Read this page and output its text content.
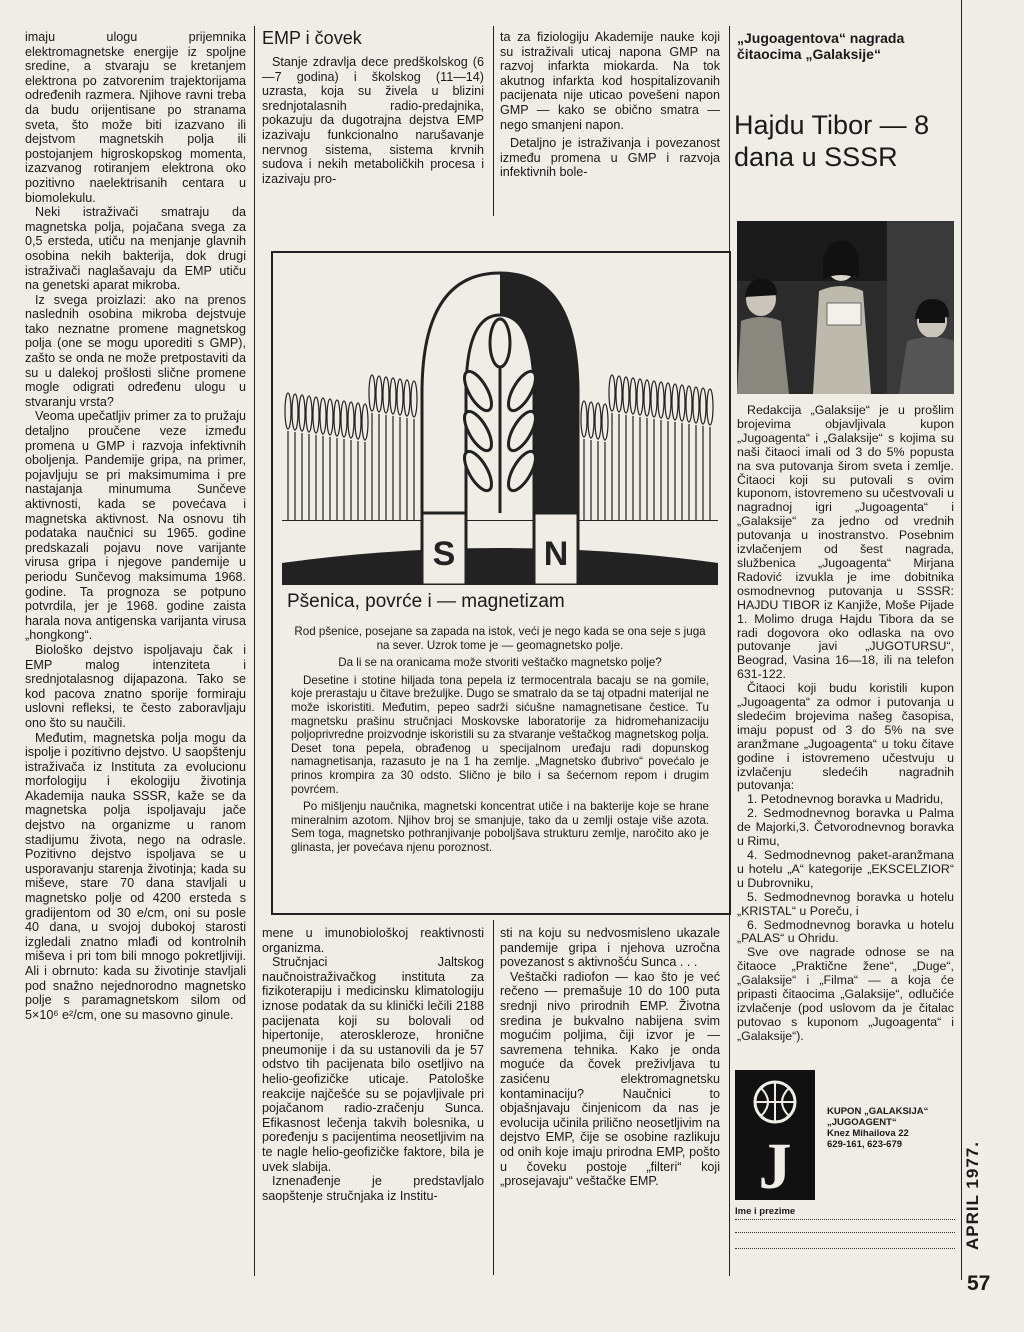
imaju ulogu prijemnika elektromagnetske energije iz spoljne sredine, a stvaraju se kretanjem elektrona po zatvorenim trajektorijama određenih razmera. Njihove ravni treba da budu orijentisane po stranama sveta, što može biti izazvano ili dejstvom magnetskih polja ili postojanjem higroskopskog momenta, izazvanog rotiranjem elektrona oko pozitivno naelektrisanih centara u biomolekulu.

Neki istraživači smatraju da magnetska polja, pojačana svega za 0,5 ersteda, utiču na menjanje glavnih osobina nekih bakterija, dok drugi istraživači naglašavaju da EMP utiču na genetski aparat mikroba.

Iz svega proizlazi: ako na prenos naslednih osobina mikroba dejstvuje tako neznatne promene magnetskog polja (one se mogu uporediti s GMP), zašto se onda ne može pretpostaviti da su u dalekoj prošlosti slične promene mogle odigrati određenu ulogu u stvaranju vrsta?

Veoma upečatljiv primer za to pružaju detaljno proučene veze između promena u GMP i razvoja infektivnih oboljenja. Pandemije gripa, na primer, pojavljuju se pri maksimumima i pre nastajanja minumuma Sunčeve aktivnosti, kada se povećava i magnetska aktivnost. Na osnovu tih podataka naučnici su 1965. godine predskazali pojavu nove varijante virusa gripa i njegove pandemije u periodu Sunčevog maksimuma 1968. godine. Ta prognoza se potpuno potvrdila, jer je 1968. godine zaista harala nova antigenska varijanta virusa „hongkong“.

Biološko dejstvo ispoljavaju čak i EMP malog intenziteta i srednjotalasnog dijapazona. Tako se kod pacova znatno sporije formiraju uslovni refleksi, te često zaboravljaju ono što su naučili.

Međutim, magnetska polja mogu da ispolje i pozitivno dejstvo. U saopštenju istraživača iz Instituta za evolucionu morfologiju i ekologiju životinja Akademija nauka SSSR, kaže se da magnetska polja ispoljavaju jače dejstvo na organizme u ranom stadijumu života, nego na odrasle. Pozitivno dejstvo ispoljava se u usporavanju starenja životinja; kada su miševe, stare 70 dana stavljali u magnetsko polje od 4200 ersteda s gradijentom od 30 e/cm, oni su posle 40 dana, u svojoj dubokoj starosti izgledali znatno mlađi od kontrolnih miševa i pri tom bili mnogo pokretljiviji. Ali i obrnuto: kada su životinje stavljali pod snažno nejednorodno magnetsko polje s paramagnetskom silom od 5×10⁶ e²/cm, one su masovno ginule.

EMP i čovek

Stanje zdravlja dece predškolskog (6—7 godina) i školskog (11—14) uzrasta, koja su živela u blizini srednjotalasnih radio-predajnika, pokazuju da dugotrajna dejstva EMP izazivaju funkcionalno narušavanje nervnog sistema, sistema krvnih sudova i nekih metaboličkih procesa i izazivaju pro-

ta za fiziologiju Akademije nauke koji su istraživali uticaj napona GMP na razvoj infarkta miokarda. Na tok akutnog infarkta kod hospitalizovanih pacijenata nije uticao povešeni napon GMP — kako se obično smatra — nego smanjeni napon.

Detaljno je istraživanja i povezanost između promena u GMP i razvoja infektivnih bole-

S	N
Pšenica, povrće i — magnetizam

Rod pšenice, posejane sa zapada na istok, veći je nego kada se ona seje s juga na sever. Uzrok tome je — geomagnetsko polje.

Da li se na oranicama može stvoriti veštačko magnetsko polje?

Desetine i stotine hiljada tona pepela iz termocentrala bacaju se na gomile, koje prerastaju u čitave brežuljke. Dugo se smatralo da se taj otpadni materijal ne može iskoristiti. Međutim, pepeo sadrži sićušne namagnetisane čestice. Tu magnetsku prašinu stručnjaci Moskovske laboratorije za hidromehanizaciju poljoprivredne proizvodnje iskoristili su za stvaranje veštačkog magnetskog polja. Deset tona pepela, obrađenog u specijalnom uređaju radi dopunskog namagnetisanja, razasuto je na 1 ha zemlje. „Magnetsko đubrivo“ povećalo je prinos krompira za 30 odsto. Slično je bilo i sa šećernom repom i drugim povrćem.

Po mišljenju naučnika, magnetski koncentrat utiče i na bakterije koje se hrane mineralnim azotom. Njihov broj se smanjuje, tako da u zemlji ostaje više azota. Sem toga, magnetsko pothranjivanje poboljšava strukturu zemlje, naročito ako je glinasta, jer povećava njenu poroznost.

mene u imunobiološkoj reaktivnosti organizma.

Stručnjaci Jaltskog naučnoistraživačkog instituta za fizikoterapiju i medicinsku klimatologiju iznose podatak da su klinički lečili 2188 pacijenata koji su bolovali od hipertonije, ateroskleroze, hronične pneumonije i da su ustanovili da je 57 odstvo tih pacijenata bilo osetljivo na helio-geofizičke uticaje. Patološke reakcije najčešće su se pojavljivale pri pojačanom radio-zračenju Sunca. Efikasnost lečenja takvih bolesnika, u poređenju s pacijentima neosetljivim na te nagle helio-geofizičke faktore, bila je uvek slabija.

Iznenađenje je predstavljalo saopštenje stručnjaka iz Institu-

sti na koju su nedvosmisleno ukazale pandemije gripa i njehova uzročna povezanost s aktivnošću Sunca . . .

Veštački radiofon — kao što je već rečeno — premašuje 10 do 100 puta srednji nivo prirodnih EMP. Životna sredina je bukvalno nabijena svim mogućim poljima, čiji izvor je — savremena tehnika. Kako je onda moguće da čovek preživljava tu zasićenu elektromagnetsku kontaminaciju? Naučnici to objašnjavaju činjenicom da nas je evolucija učinila prilično neosetljivim na dejstvo EMP, čije se osobine razlikuju od onih koje imaju prirodna EMP, pošto u čoveku postoje „filteri“ koji „prosejavaju“ veštačke EMP.

„Jugoagentova“ nagrada čitaocima „Galaksije“
Hajdu Tibor — 8 dana u SSSR

Redakcija „Galaksije“ je u prošlim brojevima objavljivala kupon „Jugoagenta“ i „Galaksije“ s kojima su naši čitaoci imali od 3 do 5% popusta na sva putovanja širom sveta i zemlje. Čitaoci koji su putovali s ovim kuponom, istovremeno su učestvovali u nagradnoj igri „Jugoagenta“ i „Galaksije“ za jedno od vrednih putovanja u inostranstvo. Posebnim izvlačenjem od šest nagrada, službenica „Jugoagenta“ Mirjana Radović izvukla je ime dobitnika osmodnevnog putovanja u SSSR: HAJDU TIBOR iz Kanjiže, Moše Pijade 1. Molimo druga Hajdu Tibora da se radi dogovora oko odlaska na ovo putovanje javi „JUGOTURSU“, Beograd, Vasina 16—18, ili na telefon 631-122.

Čitaoci koji budu koristili kupon „Jugoagenta“ za odmor i putovanja u sledećim brojevima našeg časopisa, imaju popust od 3 do 5% na sve aranžmane „Jugoagenta“ u toku čitave godine i istovremeno učestvuju u izvlačenju sledećih nagradnih putovanja:

1. Petodnevnog boravka u Madridu,

2. Sedmodnevnog boravka u Palma de Majorki,3. Četvorodnevnog boravka u Rimu,

4. Sedmodnevnog paket-aranžmana u hotelu „A“ kategorije „EKSCELZIOR“ u Dubrovniku,

5. Sedmodnevnog boravka u hotelu „KRISTAL“ u Poreču, i

6. Sedmodnevnog boravka u hotelu „PALAS“ u Ohridu.

Sve ove nagrade odnose se na čitaoce „Praktične žene“, „Duge“, „Galaksije“ i „Filma“ — a koja će pripasti čitaocima „Galaksije“, odlučiće izvlačenje (pod uslovom da je čitalac putovao s kuponom „Jugoagenta“ i „Galaksije“).

J
KUPON „GALAKSIJA“
„JUGOAGENT“
Knez Mihailova 22
629-161, 623-679
Ime i prezime	APRIL 1977.
57
